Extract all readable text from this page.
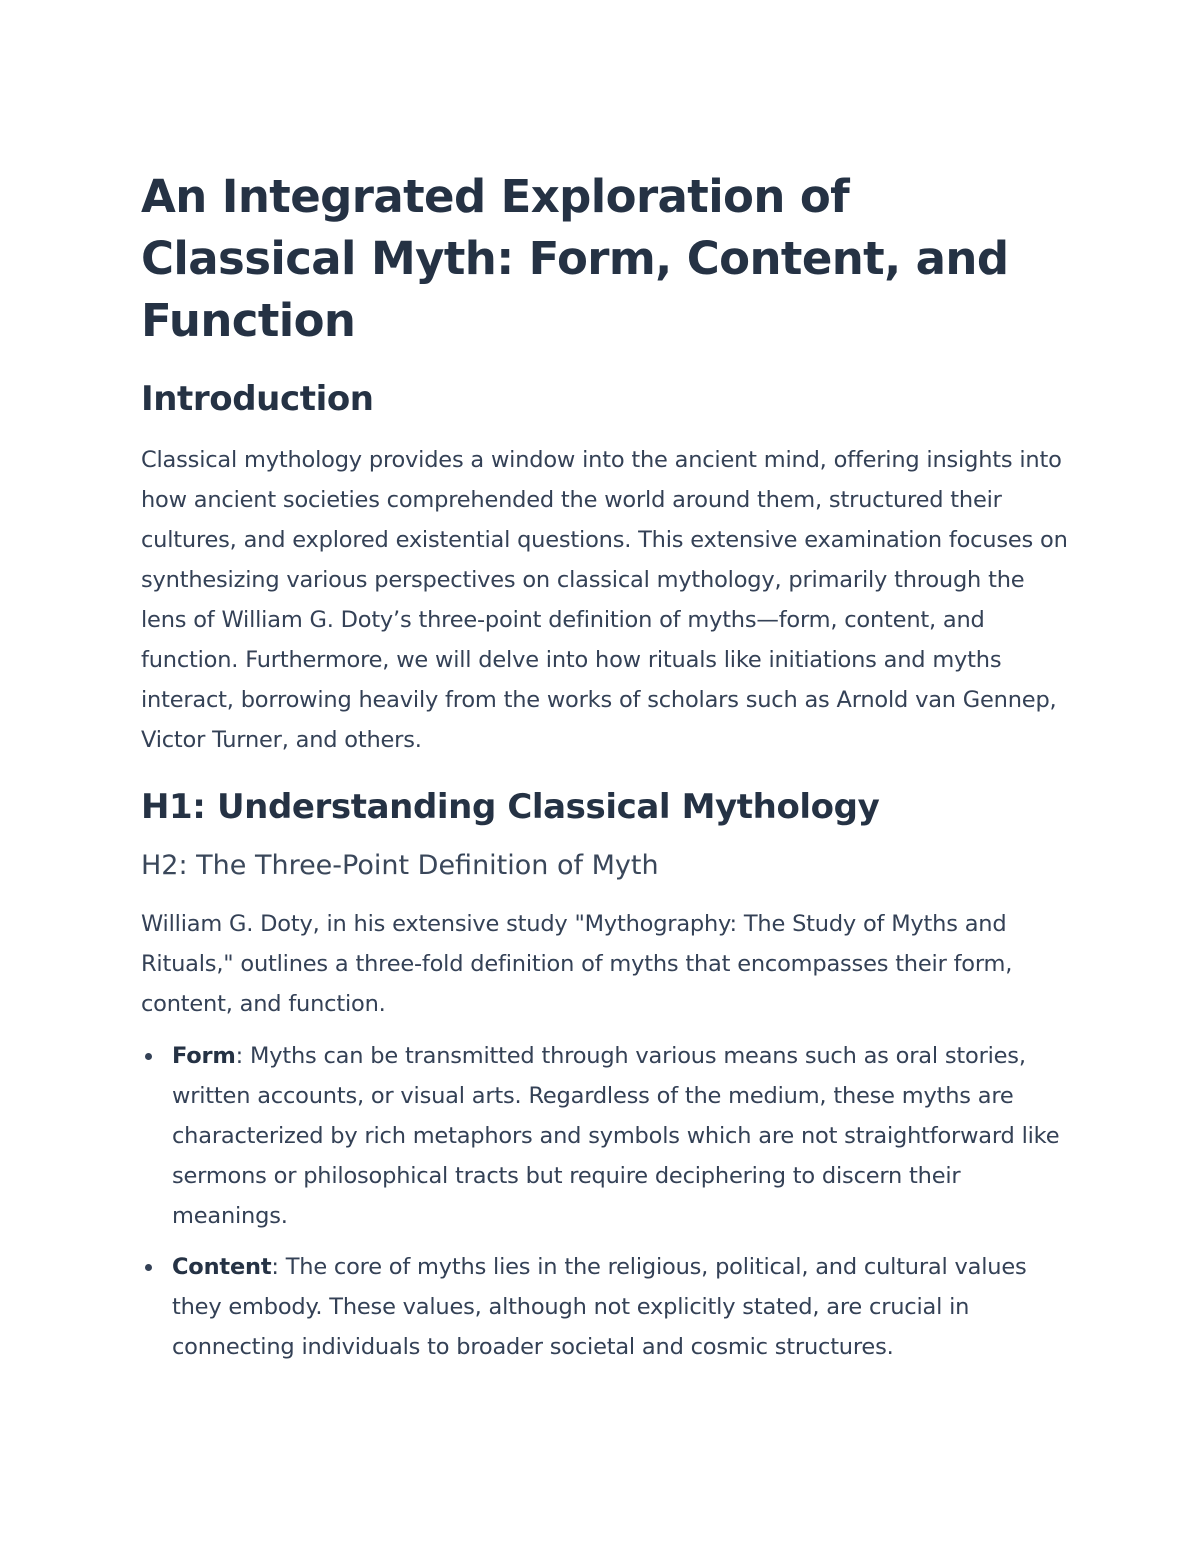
An Integrated Exploration of Classical Myth: Form, Content, and Function
Introduction

Classical mythology provides a window into the ancient mind, offering insights into how ancient societies comprehended the world around them, structured their cultures, and explored existential questions. This extensive examination focuses on synthesizing various perspectives on classical mythology, primarily through the lens of William G. Doty’s three-point definition of myths—form, content, and function. Furthermore, we will delve into how rituals like initiations and myths interact, borrowing heavily from the works of scholars such as Arnold van Gennep, Victor Turner, and others.

H1: Understanding Classical Mythology
H2: The Three-Point Definition of Myth

William G. Doty, in his extensive study "Mythography: The Study of Myths and Rituals," outlines a three-fold definition of myths that encompasses their form, content, and function.

Form: Myths can be transmitted through various means such as oral stories, written accounts, or visual arts. Regardless of the medium, these myths are characterized by rich metaphors and symbols which are not straightforward like sermons or philosophical tracts but require deciphering to discern their meanings.
Content: The core of myths lies in the religious, political, and cultural values they embody. These values, although not explicitly stated, are crucial in connecting individuals to broader societal and cosmic structures.
